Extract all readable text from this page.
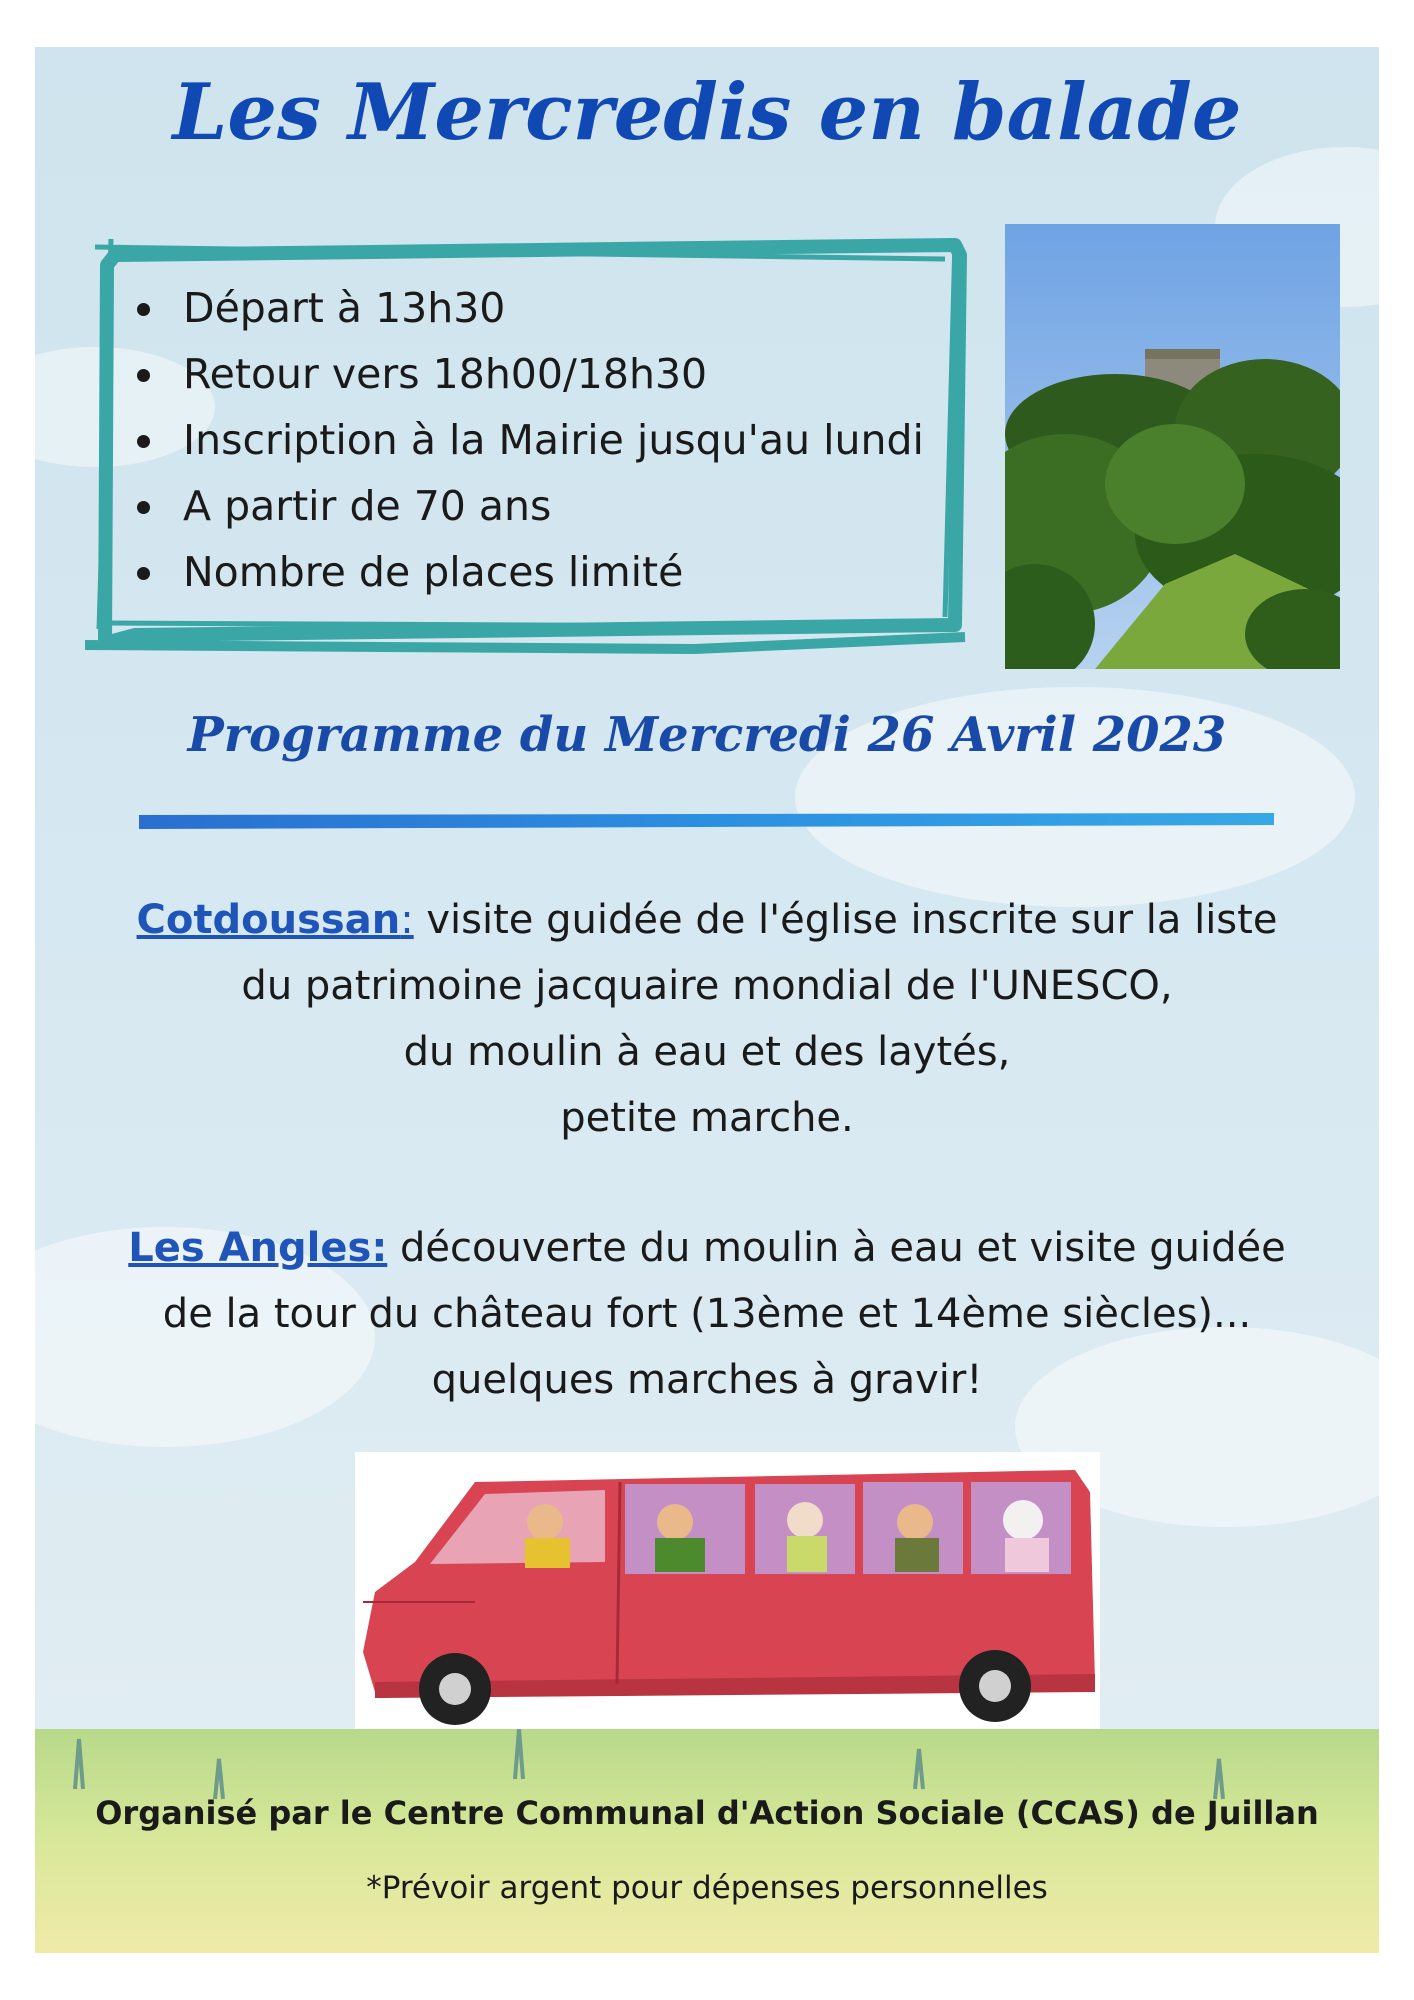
Les Mercredis en balade
• Départ à 13h30
• Retour vers 18h00/18h30
• Inscription à la Mairie jusqu'au lundi
• A partir de 70 ans
• Nombre de places limité
Programme du Mercredi 26 Avril 2023
Cotdoussan: visite guidée de l'église inscrite sur la liste
du patrimoine jacquaire mondial de l'UNESCO,
du moulin à eau et des laytés,
petite marche.
Les Angles: découverte du moulin à eau et visite guidée
de la tour du château fort (13ème et 14ème siècles)...
quelques marches à gravir!
Organisé par le Centre Communal d'Action Sociale (CCAS) de Juillan
*Prévoir argent pour dépenses personnelles
